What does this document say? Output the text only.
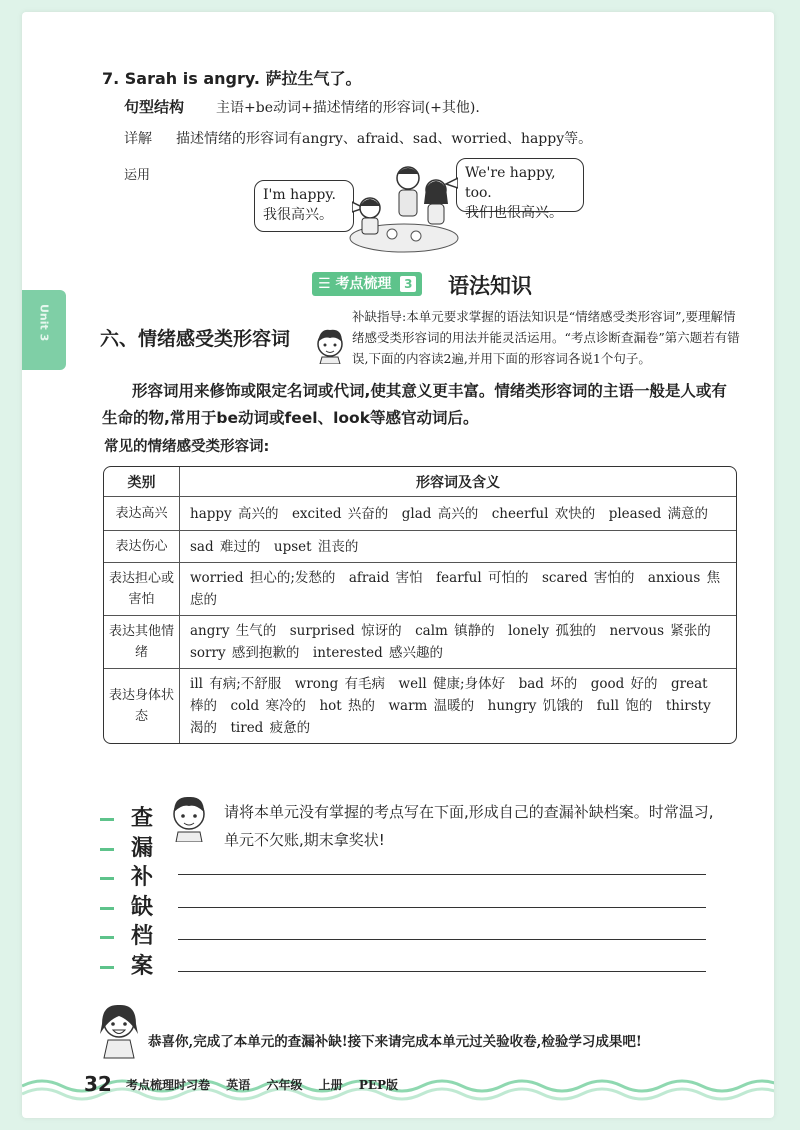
Unit 3
7. Sarah is angry. 萨拉生气了。
句型结构 主语+be动词+描述情绪的形容词(+其他).
详解 描述情绪的形容词有angry、afraid、sad、worried、happy等。
运用
I'm happy.
我很高兴。
We're happy, too.
我们也很高兴。
☰ 考点梳理 3	语法知识
六、情绪感受类形容词
补缺指导:本单元要求掌握的语法知识是“情绪感受类形容词”,要理解情绪感受类形容词的用法并能灵活运用。“考点诊断查漏卷”第六题若有错误,下面的内容读2遍,并用下面的形容词各说1个句子。
形容词用来修饰或限定名词或代词,使其意义更丰富。情绪类形容词的主语一般是人或有生命的物,常用于be动词或feel、look等感官动词后。
常见的情绪感受类形容词:
类别	形容词及含义
表达高兴	happy 高兴的　excited 兴奋的　glad 高兴的　cheerful 欢快的　pleased 满意的
表达伤心	sad 难过的　upset 沮丧的
表达担心或害怕	worried 担心的;发愁的　afraid 害怕　fearful 可怕的　scared 害怕的　anxious 焦虑的
表达其他情绪	angry 生气的　surprised 惊讶的　calm 镇静的　lonely 孤独的　nervous 紧张的　sorry 感到抱歉的　interested 感兴趣的
表达身体状态	ill 有病;不舒服　wrong 有毛病　well 健康;身体好　bad 坏的　good 好的　great 棒的　cold 寒冷的　hot 热的　warm 温暖的　hungry 饥饿的　full 饱的　thirsty 渴的　tired 疲惫的
查
漏
补
缺
档
案
请将本单元没有掌握的考点写在下面,形成自己的查漏补缺档案。时常温习,单元不欠账,期末拿奖状!
恭喜你,完成了本单元的查漏补缺!接下来请完成本单元过关验收卷,检验学习成果吧!
32 考点梳理时习卷 英语 六年级 上册 PEP版
